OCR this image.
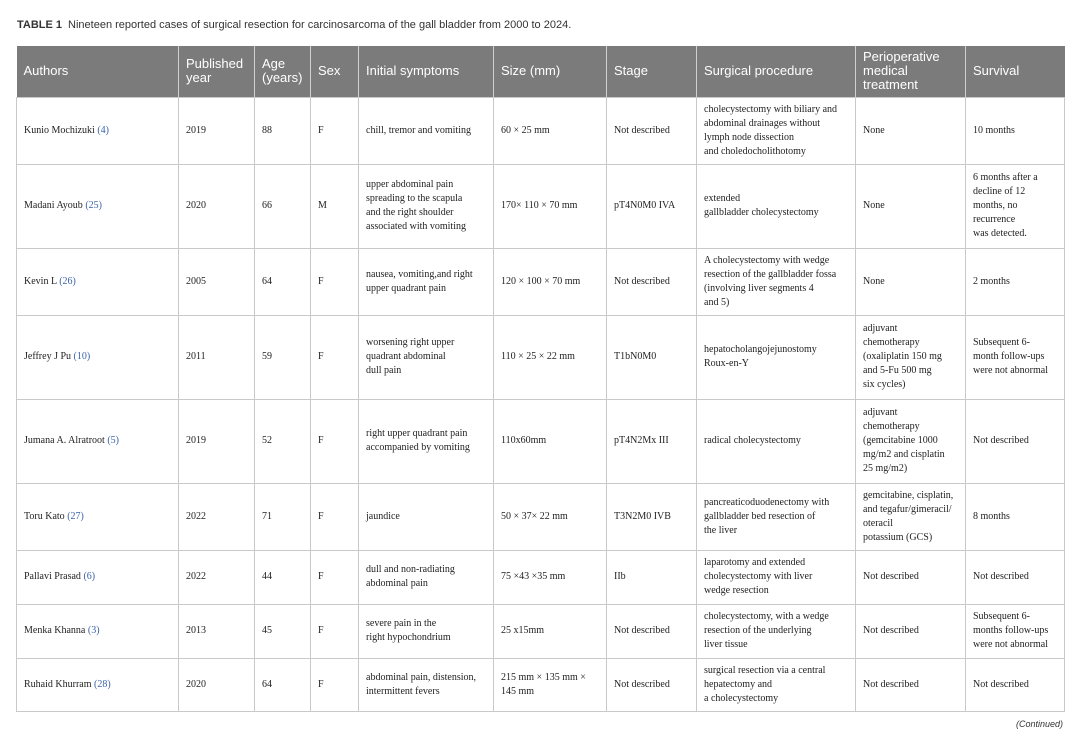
TABLE 1 Nineteen reported cases of surgical resection for carcinosarcoma of the gall bladder from 2000 to 2024.
Authors	Published year	Age (years)	Sex	Initial symptoms	Size (mm)	Stage	Surgical procedure	Perioperative medical treatment	Survival
Kunio Mochizuki (4)	2019	88	F	chill, tremor and vomiting	60 × 25 mm	Not described	cholecystectomy with biliary and
abdominal drainages without
lymph node dissection
and choledocholithotomy	None	10 months
Madani Ayoub (25)	2020	66	M	upper abdominal pain
spreading to the scapula
and the right shoulder
associated with vomiting	170× 110 × 70 mm	pT4N0M0 IVA	extended
gallbladder cholecystectomy	None	6 months after a
decline of 12
months, no
recurrence
was detected.
Kevin L (26)	2005	64	F	nausea, vomiting,and right
upper quadrant pain	120 × 100 × 70 mm	Not described	A cholecystectomy with wedge
resection of the gallbladder fossa
(involving liver segments 4
and 5)	None	2 months
Jeffrey J Pu (10)	2011	59	F	worsening right upper
quadrant abdominal
dull pain	110 × 25 × 22 mm	T1bN0M0	hepatocholangojejunostomy
Roux-en-Y	adjuvant
chemotherapy
(oxaliplatin 150 mg
and 5-Fu 500 mg
six cycles)	Subsequent 6-
month follow-ups
were not abnormal
Jumana A. Alratroot (5)	2019	52	F	right upper quadrant pain
accompanied by vomiting	110x60mm	pT4N2Mx III	radical cholecystectomy	adjuvant
chemotherapy
(gemcitabine 1000
mg/m2 and cisplatin
25 mg/m2)	Not described
Toru Kato (27)	2022	71	F	jaundice	50 × 37× 22 mm	T3N2M0 IVB	pancreaticoduodenectomy with
gallbladder bed resection of
the liver	gemcitabine, cisplatin,
and tegafur/gimeracil/
oteracil
potassium (GCS)	8 months
Pallavi Prasad (6)	2022	44	F	dull and non-radiating
abdominal pain	75 ×43 ×35 mm	IIb	laparotomy and extended
cholecystectomy with liver
wedge resection	Not described	Not described
Menka Khanna (3)	2013	45	F	severe pain in the
right hypochondrium	25 x15mm	Not described	cholecystectomy, with a wedge
resection of the underlying
liver tissue	Not described	Subsequent 6-
months follow-ups
were not abnormal
Ruhaid Khurram (28)	2020	64	F	abdominal pain, distension,
intermittent fevers	215 mm × 135 mm ×
145 mm	Not described	surgical resection via a central
hepatectomy and
a cholecystectomy	Not described	Not described
(Continued)
